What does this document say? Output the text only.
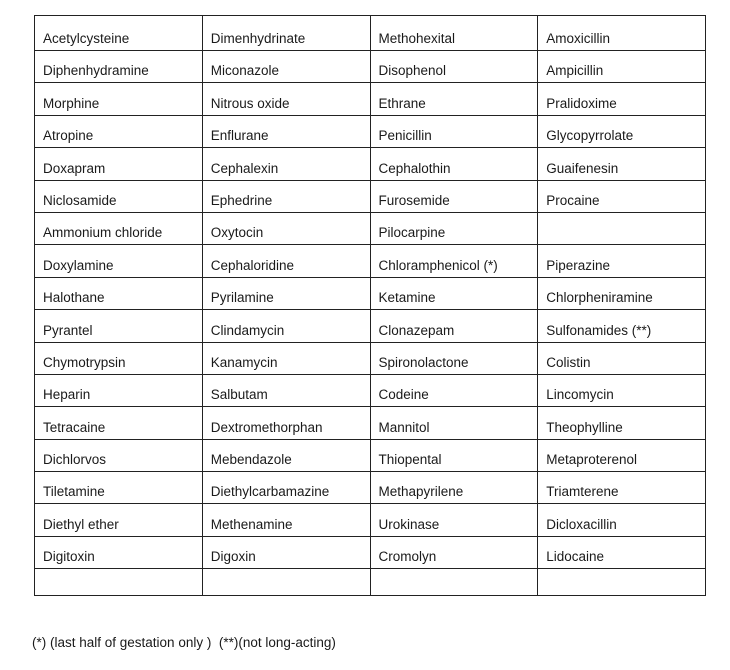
Acetylcysteine	Dimenhydrinate	Methohexital	Amoxicillin
Diphenhydramine	Miconazole	Disophenol	Ampicillin
Morphine	Nitrous oxide	Ethrane	Pralidoxime
Atropine	Enflurane	Penicillin	Glycopyrrolate
Doxapram	Cephalexin	Cephalothin	Guaifenesin
Niclosamide	Ephedrine	Furosemide	Procaine
Ammonium chloride	Oxytocin	Pilocarpine	
Doxylamine	Cephaloridine	Chloramphenicol (*)	Piperazine
Halothane	Pyrilamine	Ketamine	Chlorpheniramine
Pyrantel	Clindamycin	Clonazepam	Sulfonamides (**)
Chymotrypsin	Kanamycin	Spironolactone	Colistin
Heparin	Salbutam	Codeine	Lincomycin
Tetracaine	Dextromethorphan	Mannitol	Theophylline
Dichlorvos	Mebendazole	Thiopental	Metaproterenol
Tiletamine	Diethylcarbamazine	Methapyrilene	Triamterene
Diethyl ether	Methenamine	Urokinase	Dicloxacillin
Digitoxin	Digoxin	Cromolyn	Lidocaine

(*) (last half of gestation only )  (**)(not long-acting)
